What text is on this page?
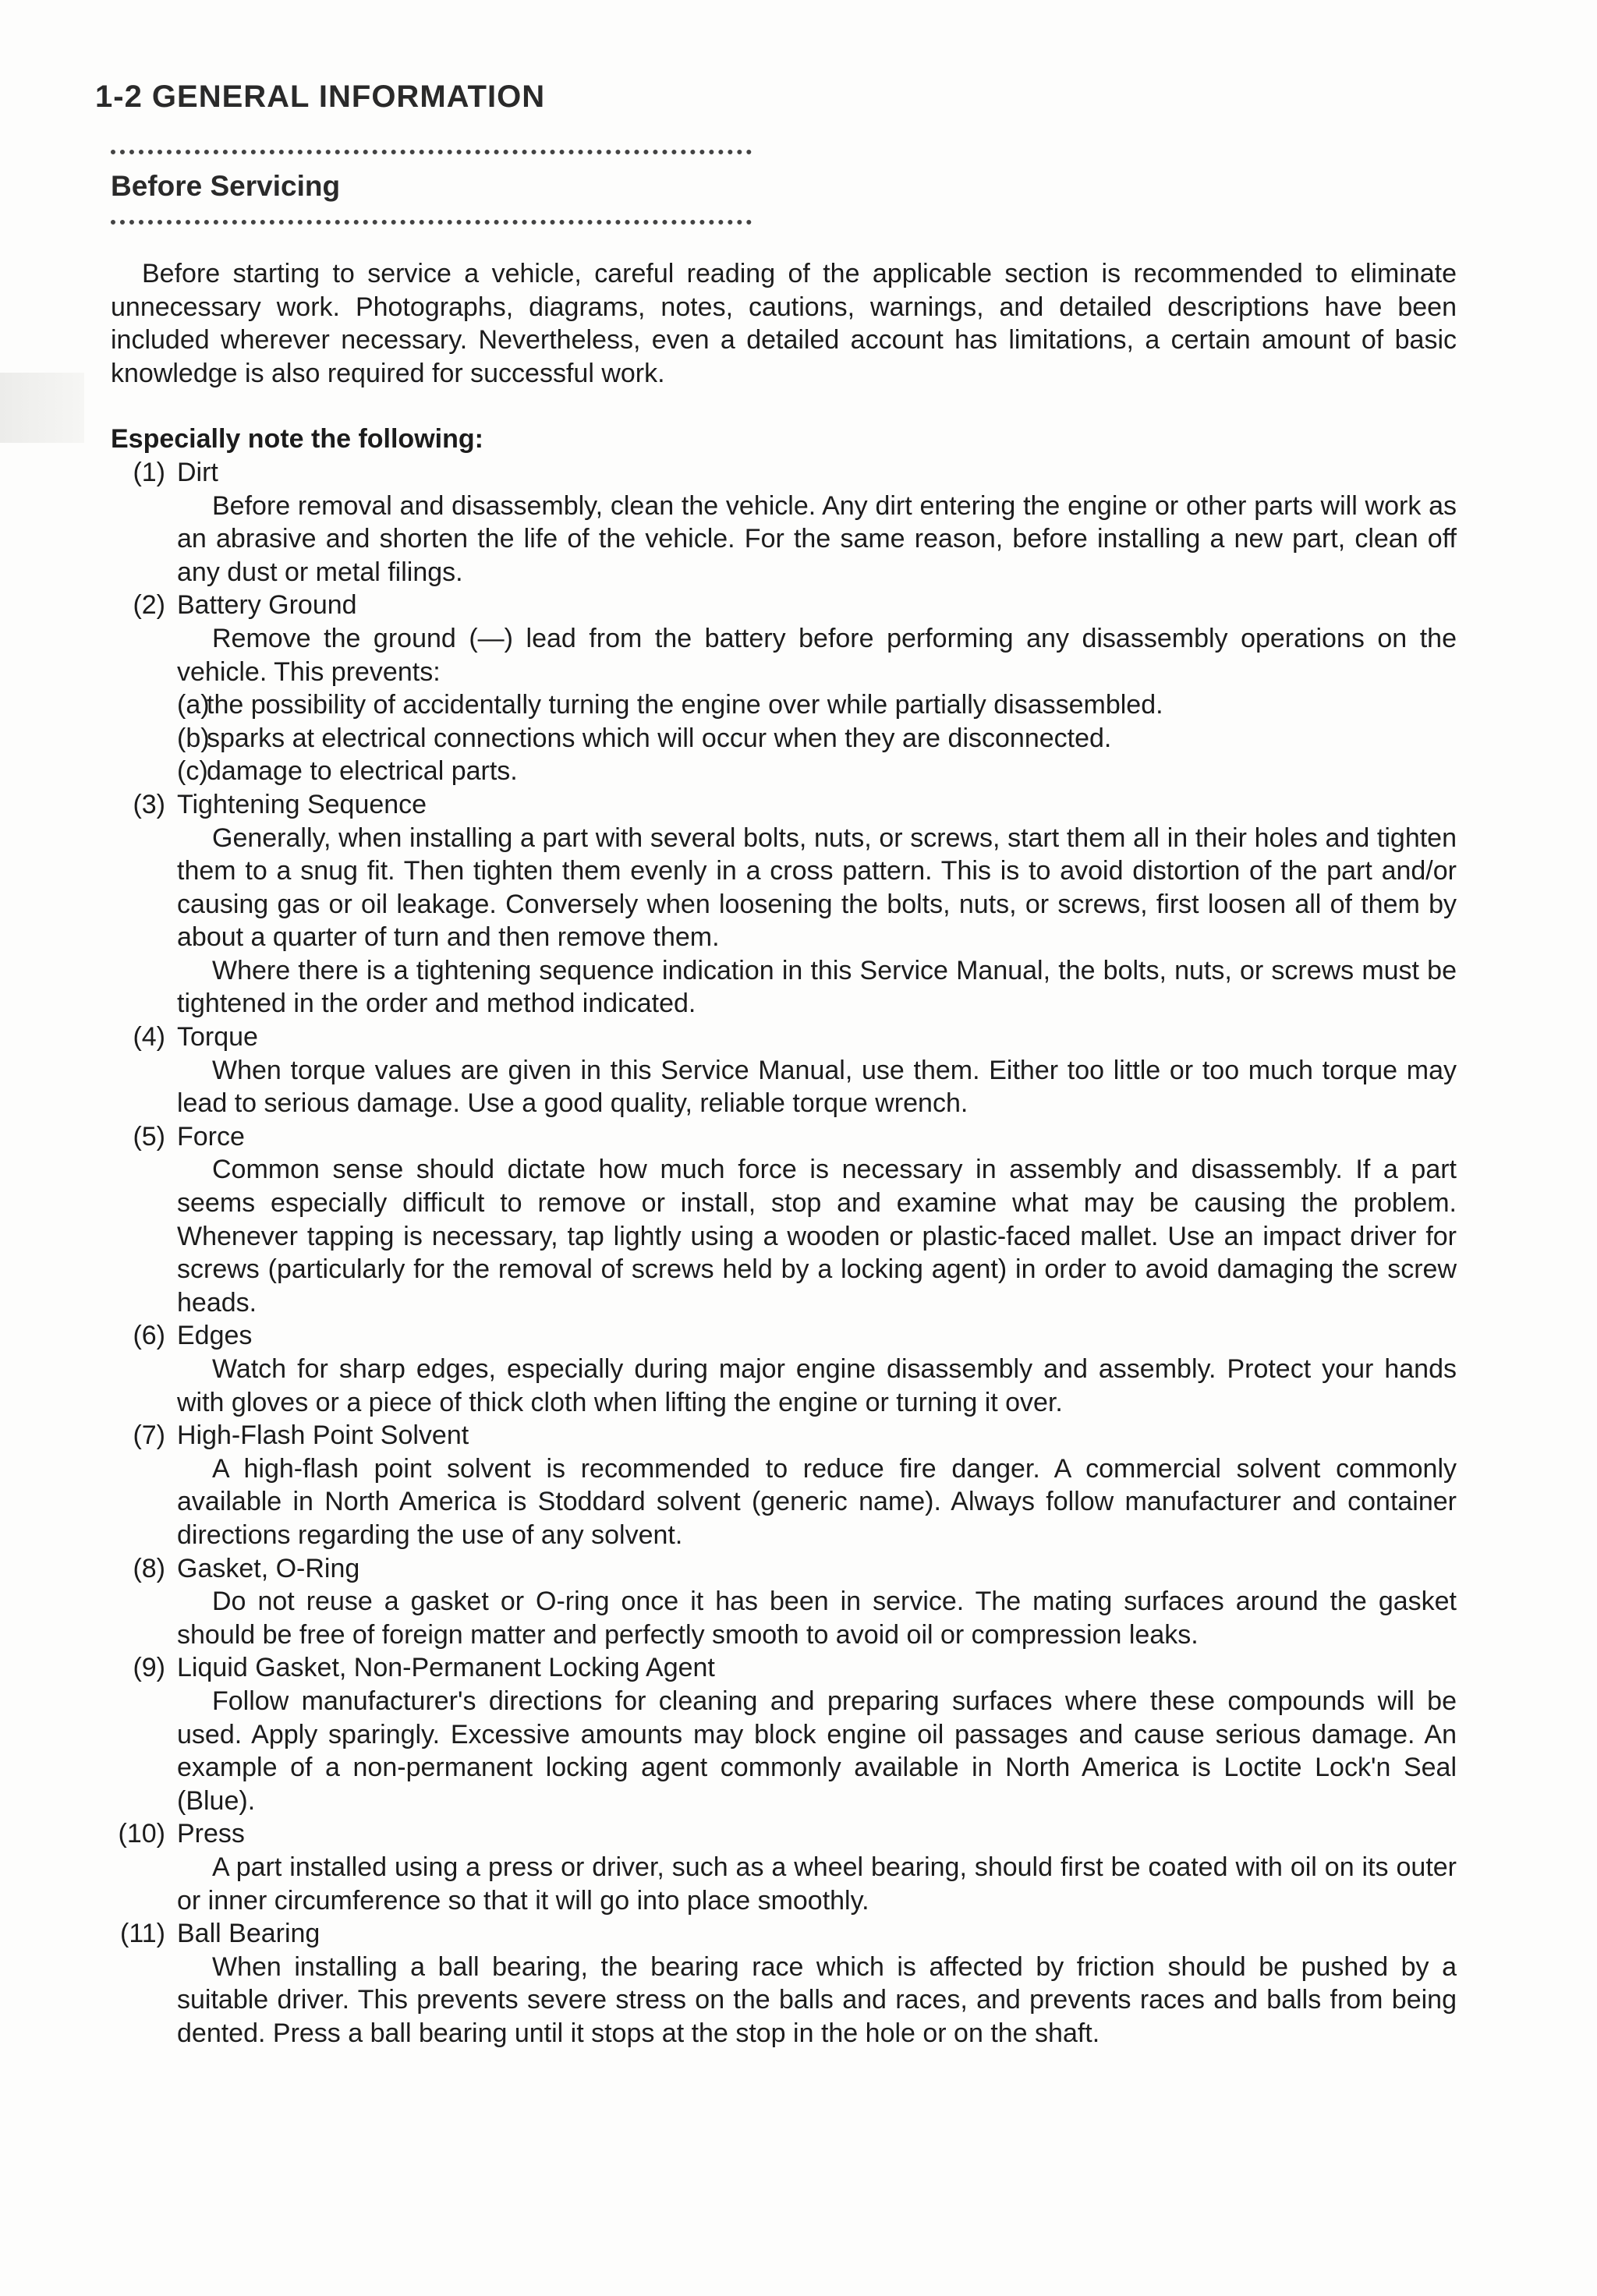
1-2 GENERAL INFORMATION
Before Servicing

Before starting to service a vehicle, careful reading of the applicable section is recommended to eliminate unnecessary work. Photographs, diagrams, notes, cautions, warnings, and detailed descriptions have been included wherever necessary. Nevertheless, even a detailed account has limitations, a certain amount of basic knowledge is also required for successful work.

Especially note the following:

(1) Dirt

Before removal and disassembly, clean the vehicle. Any dirt entering the engine or other parts will work as an abrasive and shorten the life of the vehicle. For the same reason, before installing a new part, clean off any dust or metal filings.

(2) Battery Ground

Remove the ground (—) lead from the battery before performing any disassembly operations on the vehicle. This prevents:

(a)the possibility of accidentally turning the engine over while partially disassembled.

(b)sparks at electrical connections which will occur when they are disconnected.

(c)damage to electrical parts.

(3) Tightening Sequence

Generally, when installing a part with several bolts, nuts, or screws, start them all in their holes and tighten them to a snug fit. Then tighten them evenly in a cross pattern. This is to avoid distortion of the part and/or causing gas or oil leakage. Conversely when loosening the bolts, nuts, or screws, first loosen all of them by about a quarter of turn and then remove them.

Where there is a tightening sequence indication in this Service Manual, the bolts, nuts, or screws must be tightened in the order and method indicated.

(4) Torque

When torque values are given in this Service Manual, use them. Either too little or too much torque may lead to serious damage. Use a good quality, reliable torque wrench.

(5) Force

Common sense should dictate how much force is necessary in assembly and disassembly. If a part seems especially difficult to remove or install, stop and examine what may be causing the problem. Whenever tapping is necessary, tap lightly using a wooden or plastic-faced mallet. Use an impact driver for screws (particularly for the removal of screws held by a locking agent) in order to avoid damaging the screw heads.

(6) Edges

Watch for sharp edges, especially during major engine disassembly and assembly. Protect your hands with gloves or a piece of thick cloth when lifting the engine or turning it over.

(7) High-Flash Point Solvent

A high-flash point solvent is recommended to reduce fire danger. A commercial solvent commonly available in North America is Stoddard solvent (generic name). Always follow manufacturer and container directions regarding the use of any solvent.

(8) Gasket, O-Ring

Do not reuse a gasket or O-ring once it has been in service. The mating surfaces around the gasket should be free of foreign matter and perfectly smooth to avoid oil or compression leaks.

(9) Liquid Gasket, Non-Permanent Locking Agent

Follow manufacturer's directions for cleaning and preparing surfaces where these compounds will be used. Apply sparingly. Excessive amounts may block engine oil passages and cause serious damage. An example of a non-permanent locking agent commonly available in North America is Loctite Lock'n Seal (Blue).

(10) Press

A part installed using a press or driver, such as a wheel bearing, should first be coated with oil on its outer or inner circumference so that it will go into place smoothly.

(11) Ball Bearing

When installing a ball bearing, the bearing race which is affected by friction should be pushed by a suitable driver. This prevents severe stress on the balls and races, and prevents races and balls from being dented. Press a ball bearing until it stops at the stop in the hole or on the shaft.
